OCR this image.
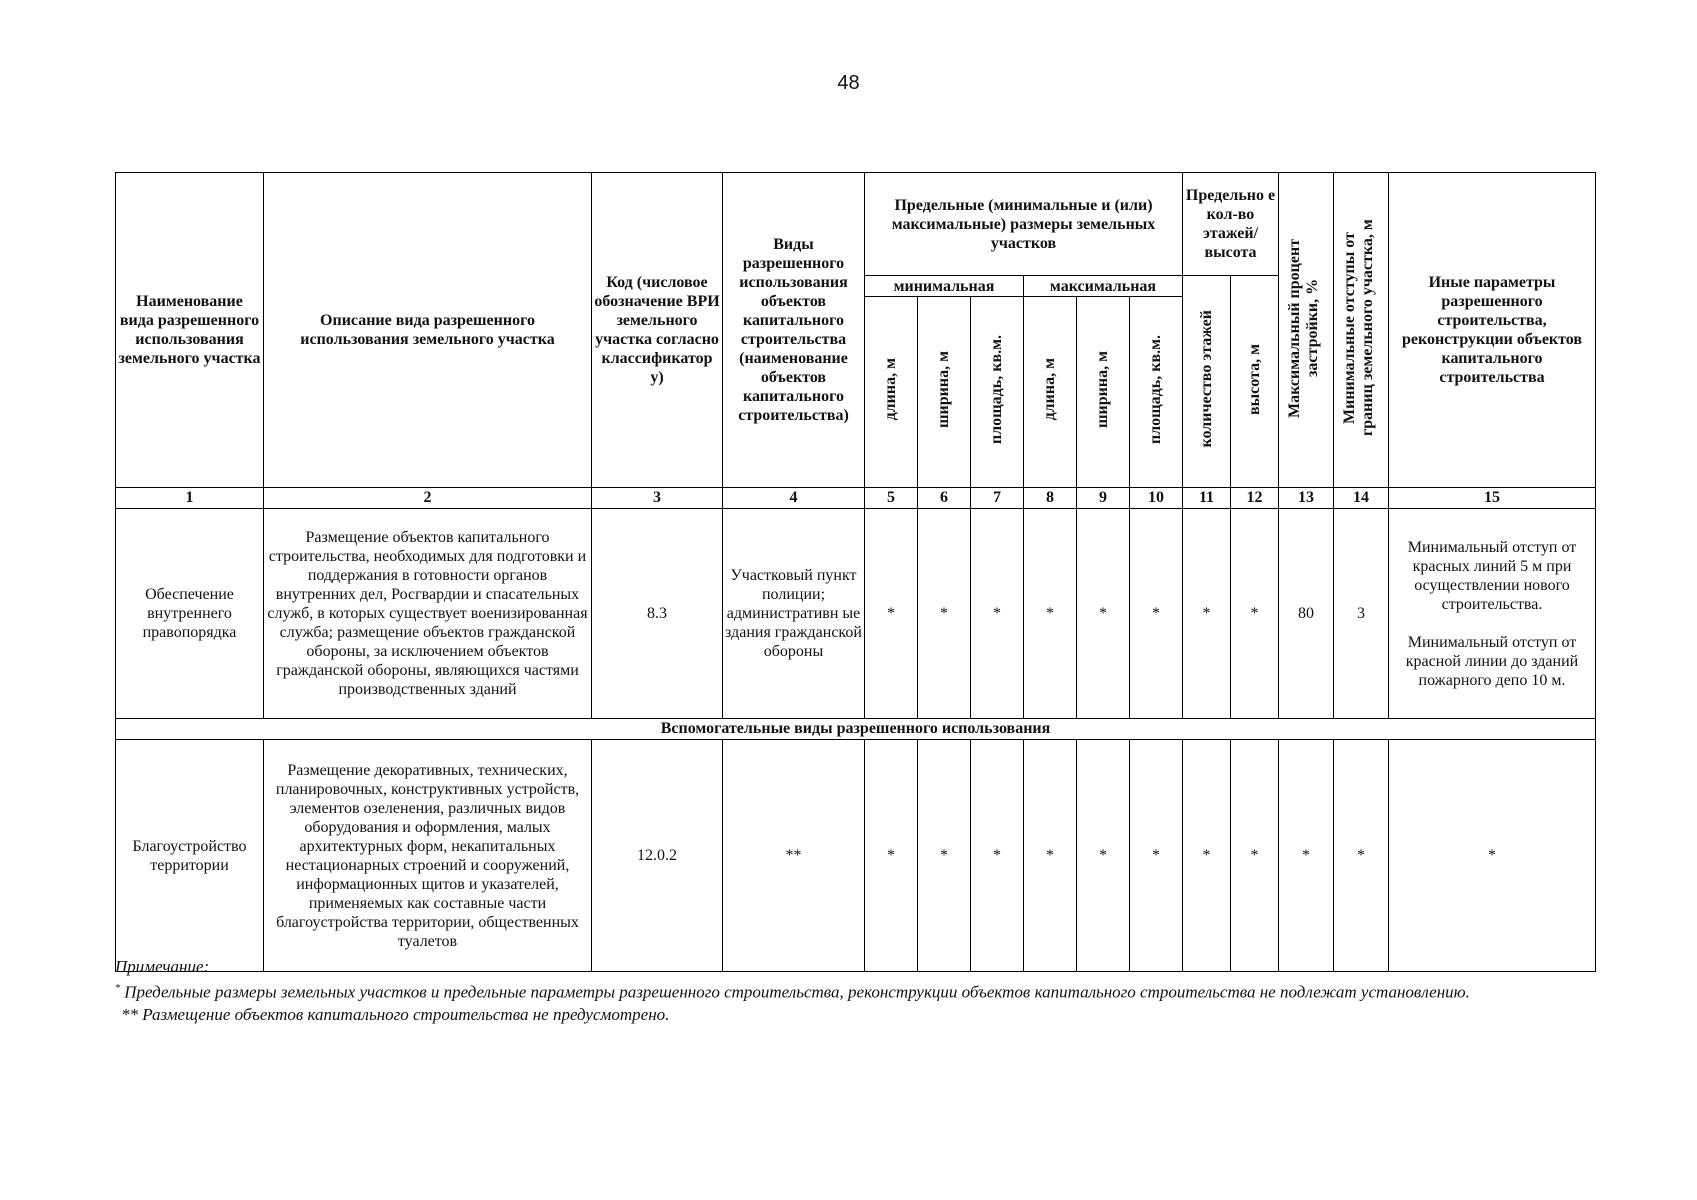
48
Наименование вида разрешенного использования земельного участка	Описание вида разрешенного использования земельного участка	Код (числовое обозначение ВРИ земельного участка согласно классификатор у)	Виды разрешенного использования объектов капитального строительства (наименование объектов капитального строительства)	Предельные (минимальные и (или) максимальные) размеры земельных участков						Предельно е кол-во этажей/ высота		Максимальный процент застройки, %	Минимальные отступы от границ земельного участка, м	Иные параметры разрешенного строительства, реконструкции объектов капитального строительства
				минимальная			максимальная			количество этажей	высота, м			
				длина, м	ширина, м	площадь, кв.м.	длина, м	ширина, м	площадь, кв.м.					
1	2	3	4	5	6	7	8	9	10	11	12	13	14	15
Обеспечение внутреннего правопорядка	Размещение объектов капитального строительства, необходимых для подготовки и поддержания в готовности органов внутренних дел, Росгвардии и спасательных служб, в которых существует военизированная служба; размещение объектов гражданской обороны, за исключением объектов гражданской обороны, являющихся частями производственных зданий	8.3	Участковый пункт полиции; административн ые здания гражданской обороны	*	*	*	*	*	*	*	*	80	3	Минимальный отступ от красных линий 5 м при осуществлении нового строительства.
Минимальный отступ от красной линии до зданий пожарного депо 10 м.

Вспомогательные виды разрешенного использования														
Благоустройство территории	Размещение декоративных, технических, планировочных, конструктивных устройств, элементов озеленения, различных видов оборудования и оформления, малых архитектурных форм, некапитальных нестационарных строений и сооружений, информационных щитов и указателей, применяемых как составные части благоустройства территории, общественных туалетов	12.0.2	**	*	*	*	*	*	*	*	*	*	*	*

Примечание:

* Предельные размеры земельных участков и предельные параметры разрешенного строительства, реконструкции объектов капитального строительства не подлежат установлению.

** Размещение объектов капитального строительства не предусмотрено.
